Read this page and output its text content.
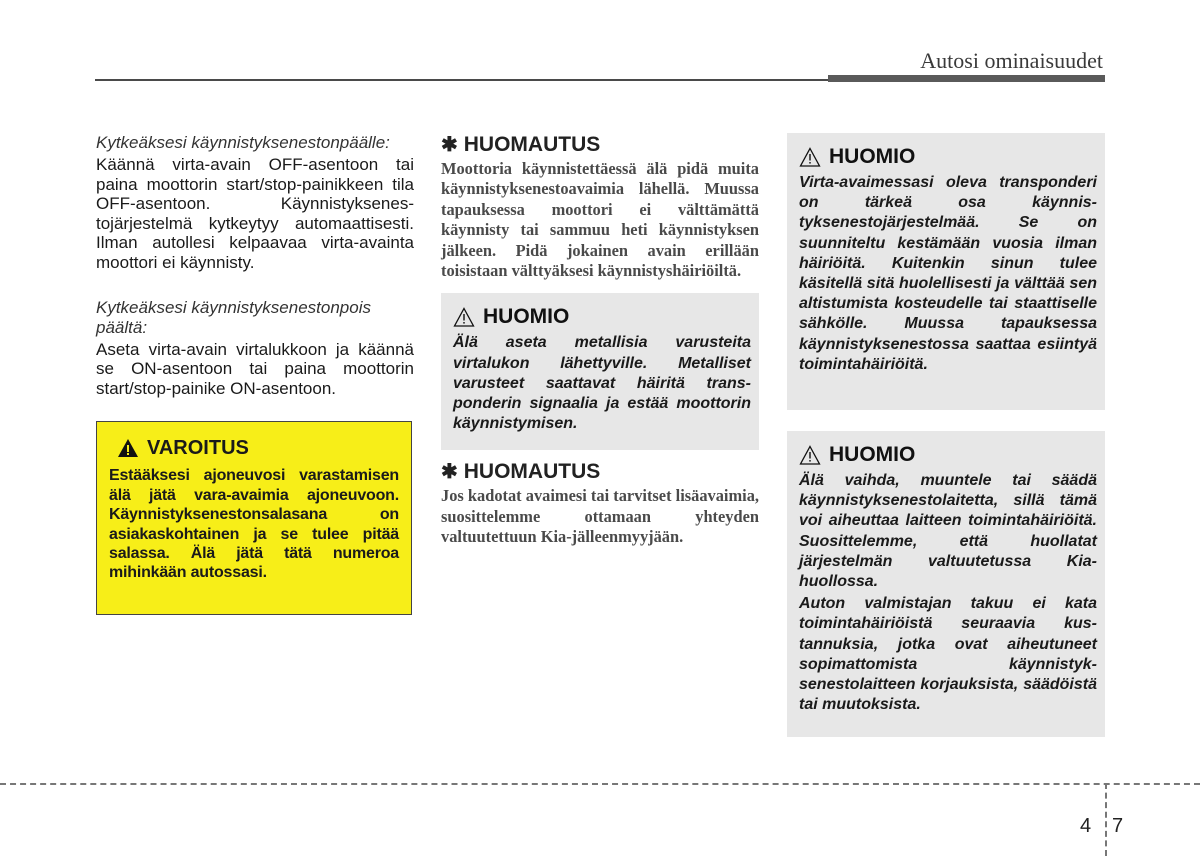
Autosi ominaisuudet

Kytkeäksesi käynnistyksenestonpäälle:

Käännä virta-avain OFF-asentoon tai paina moottorin start/stop-painikkeen tila OFF-asentoon. Käynnistyksenestojärjestelmä kytkeytyy automaattisesti. Ilman autollesi kelpaavaa virta-avainta moottori ei käynnisty.

Kytkeäksesi käynnistyksenestonpois päältä:

Aseta virta-avain virtalukkoon ja käännä se ON-asentoon tai paina moottorin start/stop-painike ON-asentoon.

VAROITUS

Estääksesi ajoneuvosi varastamisen älä jätä vara-avaimia ajoneuvoon. Käynnistyksenestonsalasana on asiakaskohtainen ja se tulee pitää salassa. Älä jätä tätä numeroa mihinkään autossasi.

✱ HUOMAUTUS

Moottoria käynnistettäessä älä pidä muita käynnistyksenestoavaimia lähellä. Muussa tapauksessa moottori ei välttämättä käynnisty tai sammuu heti käynnistyksen jälkeen. Pidä jokainen avain erillään toisistaan välttyäksesi käynnistyshäiriöiltä.

HUOMIO

Älä aseta metallisia varusteita virtalukon lähettyville. Metalliset varusteet saattavat häiritä transponderin signaalia ja estää moottorin käynnistymisen.

✱ HUOMAUTUS

Jos kadotat avaimesi tai tarvitset lisäavaimia, suosittelemme ottamaan yhteyden valtuutettuun Kia-jälleenmyyjään.

HUOMIO

Virta-avaimessasi oleva transponderi on tärkeä osa käynnistyksenestojärjestelmää. Se on suunniteltu kestämään vuosia ilman häiriöitä. Kuitenkin sinun tulee käsitellä sitä huolellisesti ja välttää sen altistumista kosteudelle tai staattiselle sähkölle. Muussa tapauksessa käynnistyksenestossa saattaa esiintyä toimintahäiriöitä.

HUOMIO

Älä vaihda, muuntele tai säädä käynnistyksenestolaitetta, sillä tämä voi aiheuttaa laitteen toimintahäiriöitä. Suosittelemme, että huollatat järjestelmän valtuutetussa Kia-huollossa.

Auton valmistajan takuu ei kata toimintahäiriöistä seuraavia kustannuksia, jotka ovat aiheutuneet sopimattomista käynnistyksenestolaitteen korjauksista, säädöistä tai muutoksista.

4 7
